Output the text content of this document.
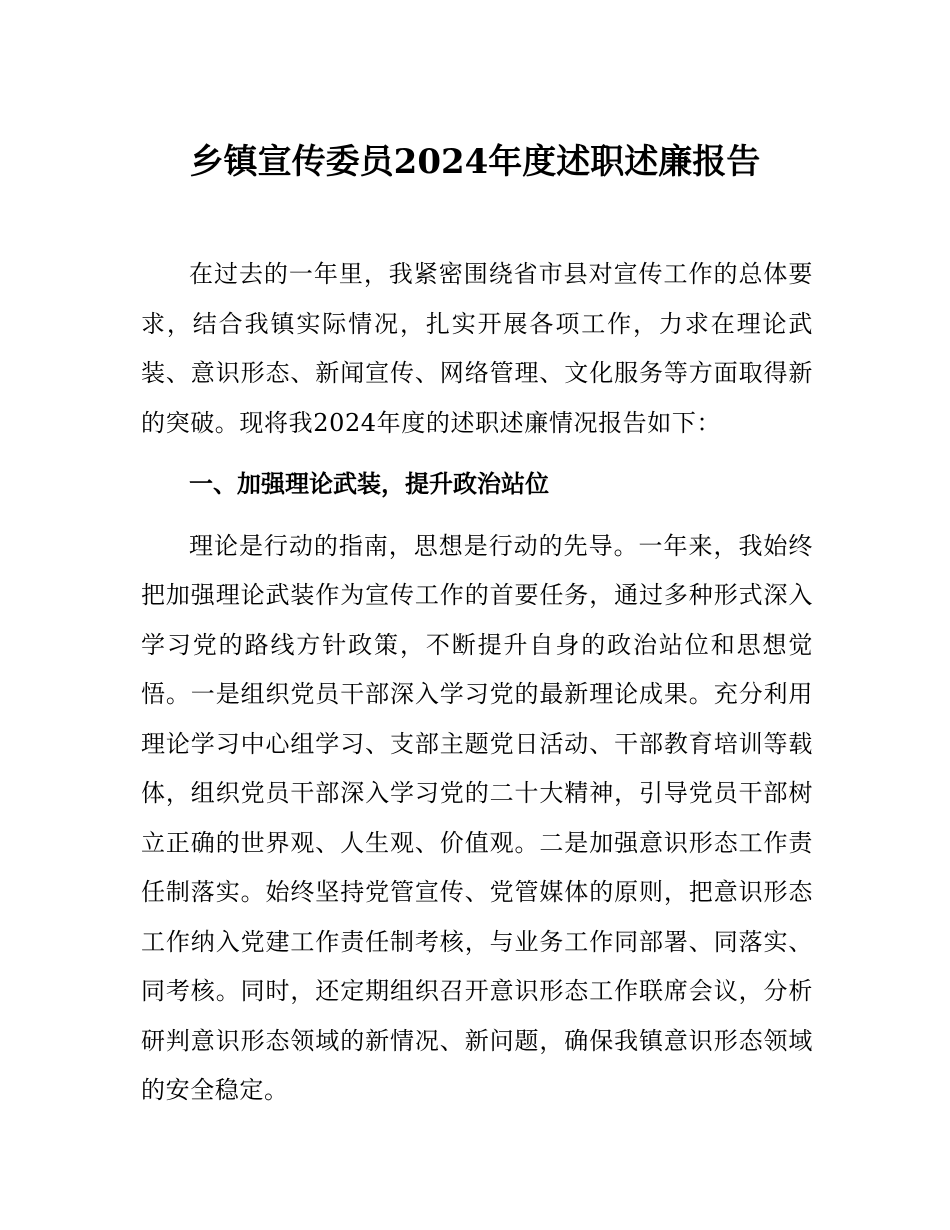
乡镇宣传委员2024年度述职述廉报告

在过去的一年里，我紧密围绕省市县对宣传工作的总体要求，结合我镇实际情况，扎实开展各项工作，力求在理论武装、意识形态、新闻宣传、网络管理、文化服务等方面取得新的突破。现将我2024年度的述职述廉情况报告如下：

一、加强理论武装，提升政治站位

理论是行动的指南，思想是行动的先导。一年来，我始终把加强理论武装作为宣传工作的首要任务，通过多种形式深入学习党的路线方针政策，不断提升自身的政治站位和思想觉悟。一是组织党员干部深入学习党的最新理论成果。充分利用理论学习中心组学习、支部主题党日活动、干部教育培训等载体，组织党员干部深入学习党的二十大精神，引导党员干部树立正确的世界观、人生观、价值观。二是加强意识形态工作责任制落实。始终坚持党管宣传、党管媒体的原则，把意识形态工作纳入党建工作责任制考核，与业务工作同部署、同落实、同考核。同时，还定期组织召开意识形态工作联席会议，分析研判意识形态领域的新情况、新问题，确保我镇意识形态领域的安全稳定。
